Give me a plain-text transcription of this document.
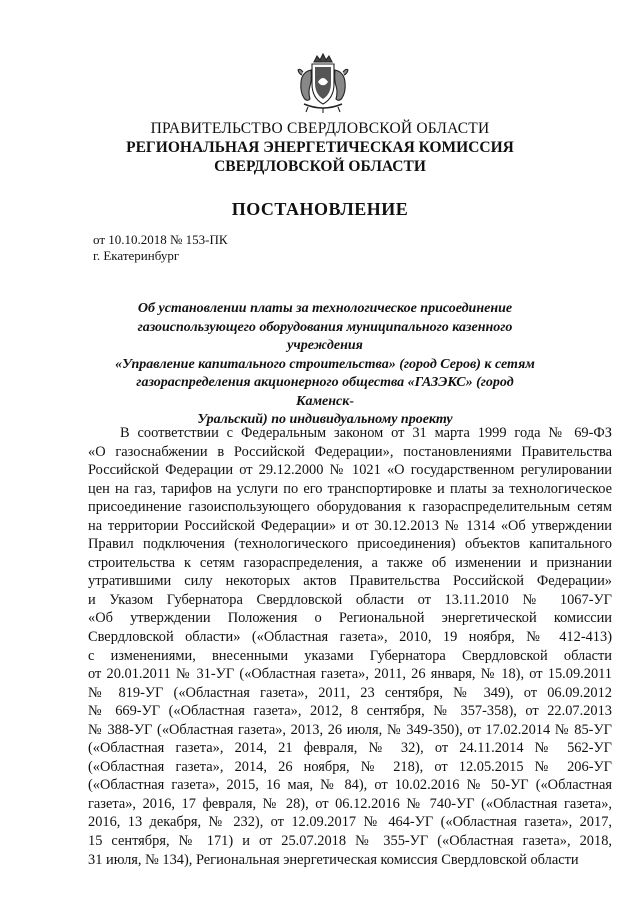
ПРАВИТЕЛЬСТВО СВЕРДЛОВСКОЙ ОБЛАСТИ
РЕГИОНАЛЬНАЯ ЭНЕРГЕТИЧЕСКАЯ КОМИССИЯ
СВЕРДЛОВСКОЙ ОБЛАСТИ
ПОСТАНОВЛЕНИЕ
от 10.10.2018 № 153-ПК
г. Екатеринбург
Об установлении платы за технологическое присоединение
газоиспользующего оборудования муниципального казенного учреждения
«Управление капитального строительства» (город Серов) к сетям
газораспределения акционерного общества «ГАЗЭКС» (город Каменск-
Уральский) по индивидуальному проекту
В соответствии с Федеральным законом от 31 марта 1999 года № 69-ФЗ
«О газоснабжении в Российской Федерации», постановлениями Правительства
Российской Федерации от 29.12.2000 № 1021 «О государственном регулировании
цен на газ, тарифов на услуги по его транспортировке и платы за технологическое
присоединение газоиспользующего оборудования к газораспределительным сетям
на территории Российской Федерации» и от 30.12.2013 № 1314 «Об утверждении
Правил подключения (технологического присоединения) объектов капитального
строительства к сетям газораспределения, а также об изменении и признании
утратившими силу некоторых актов Правительства Российской Федерации»
и Указом Губернатора Свердловской области от 13.11.2010 № 1067-УГ
«Об утверждении Положения о Региональной энергетической комиссии
Свердловской области» («Областная газета», 2010, 19 ноября, № 412-413)
с изменениями, внесенными указами Губернатора Свердловской области
от 20.01.2011 № 31-УГ («Областная газета», 2011, 26 января, № 18), от 15.09.2011
№ 819-УГ («Областная газета», 2011, 23 сентября, № 349), от 06.09.2012
№ 669-УГ («Областная газета», 2012, 8 сентября, № 357-358), от 22.07.2013
№ 388-УГ («Областная газета», 2013, 26 июля, № 349-350), от 17.02.2014 № 85-УГ
(«Областная газета», 2014, 21 февраля, № 32), от 24.11.2014 № 562-УГ
(«Областная газета», 2014, 26 ноября, № 218), от 12.05.2015 № 206-УГ
(«Областная газета», 2015, 16 мая, № 84), от 10.02.2016 № 50-УГ («Областная
газета», 2016, 17 февраля, № 28), от 06.12.2016 № 740-УГ («Областная газета»,
2016, 13 декабря, № 232), от 12.09.2017 № 464-УГ («Областная газета», 2017,
15 сентября, № 171) и от 25.07.2018 № 355-УГ («Областная газета», 2018,
31 июля, № 134), Региональная энергетическая комиссия Свердловской области
